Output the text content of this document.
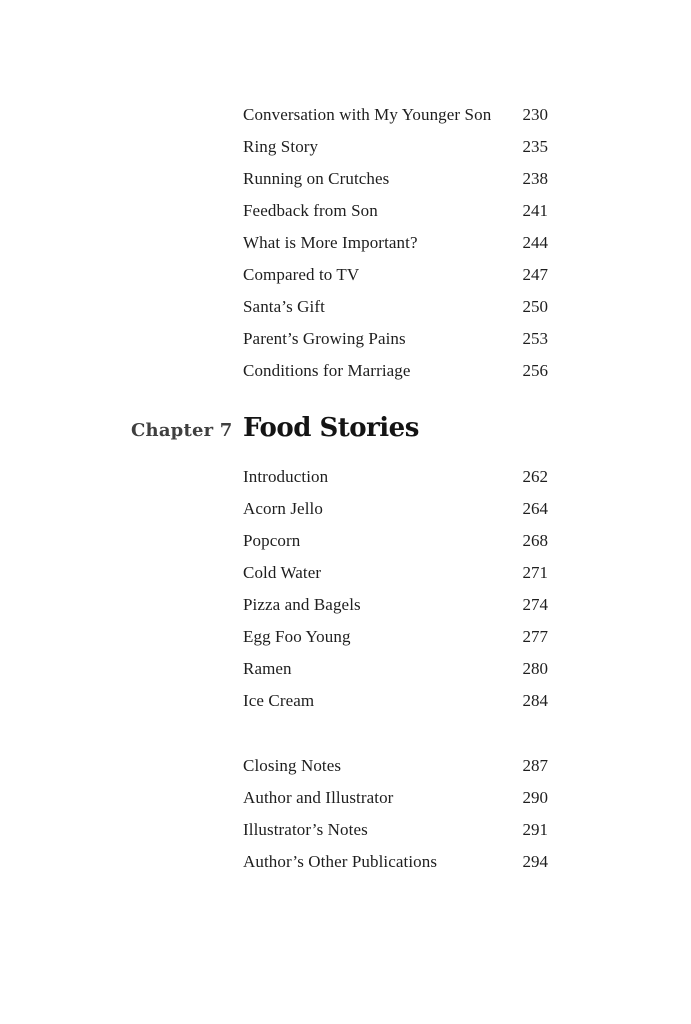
Conversation with My Younger Son 230
Ring Story	235
Running on Crutches	238
Feedback from Son	241
What is More Important?	244
Compared to TV	247
Santa’s Gift	250
Parent’s Growing Pains	253
Conditions for Marriage	256
Chapter 7 Food Stories
Introduction	262
Acorn Jello	264
Popcorn	268
Cold Water	271
Pizza and Bagels	274
Egg Foo Young	277
Ramen	280
Ice Cream	284
Closing Notes	287
Author and Illustrator	290
Illustrator’s Notes	291
Author’s Other Publications	294
